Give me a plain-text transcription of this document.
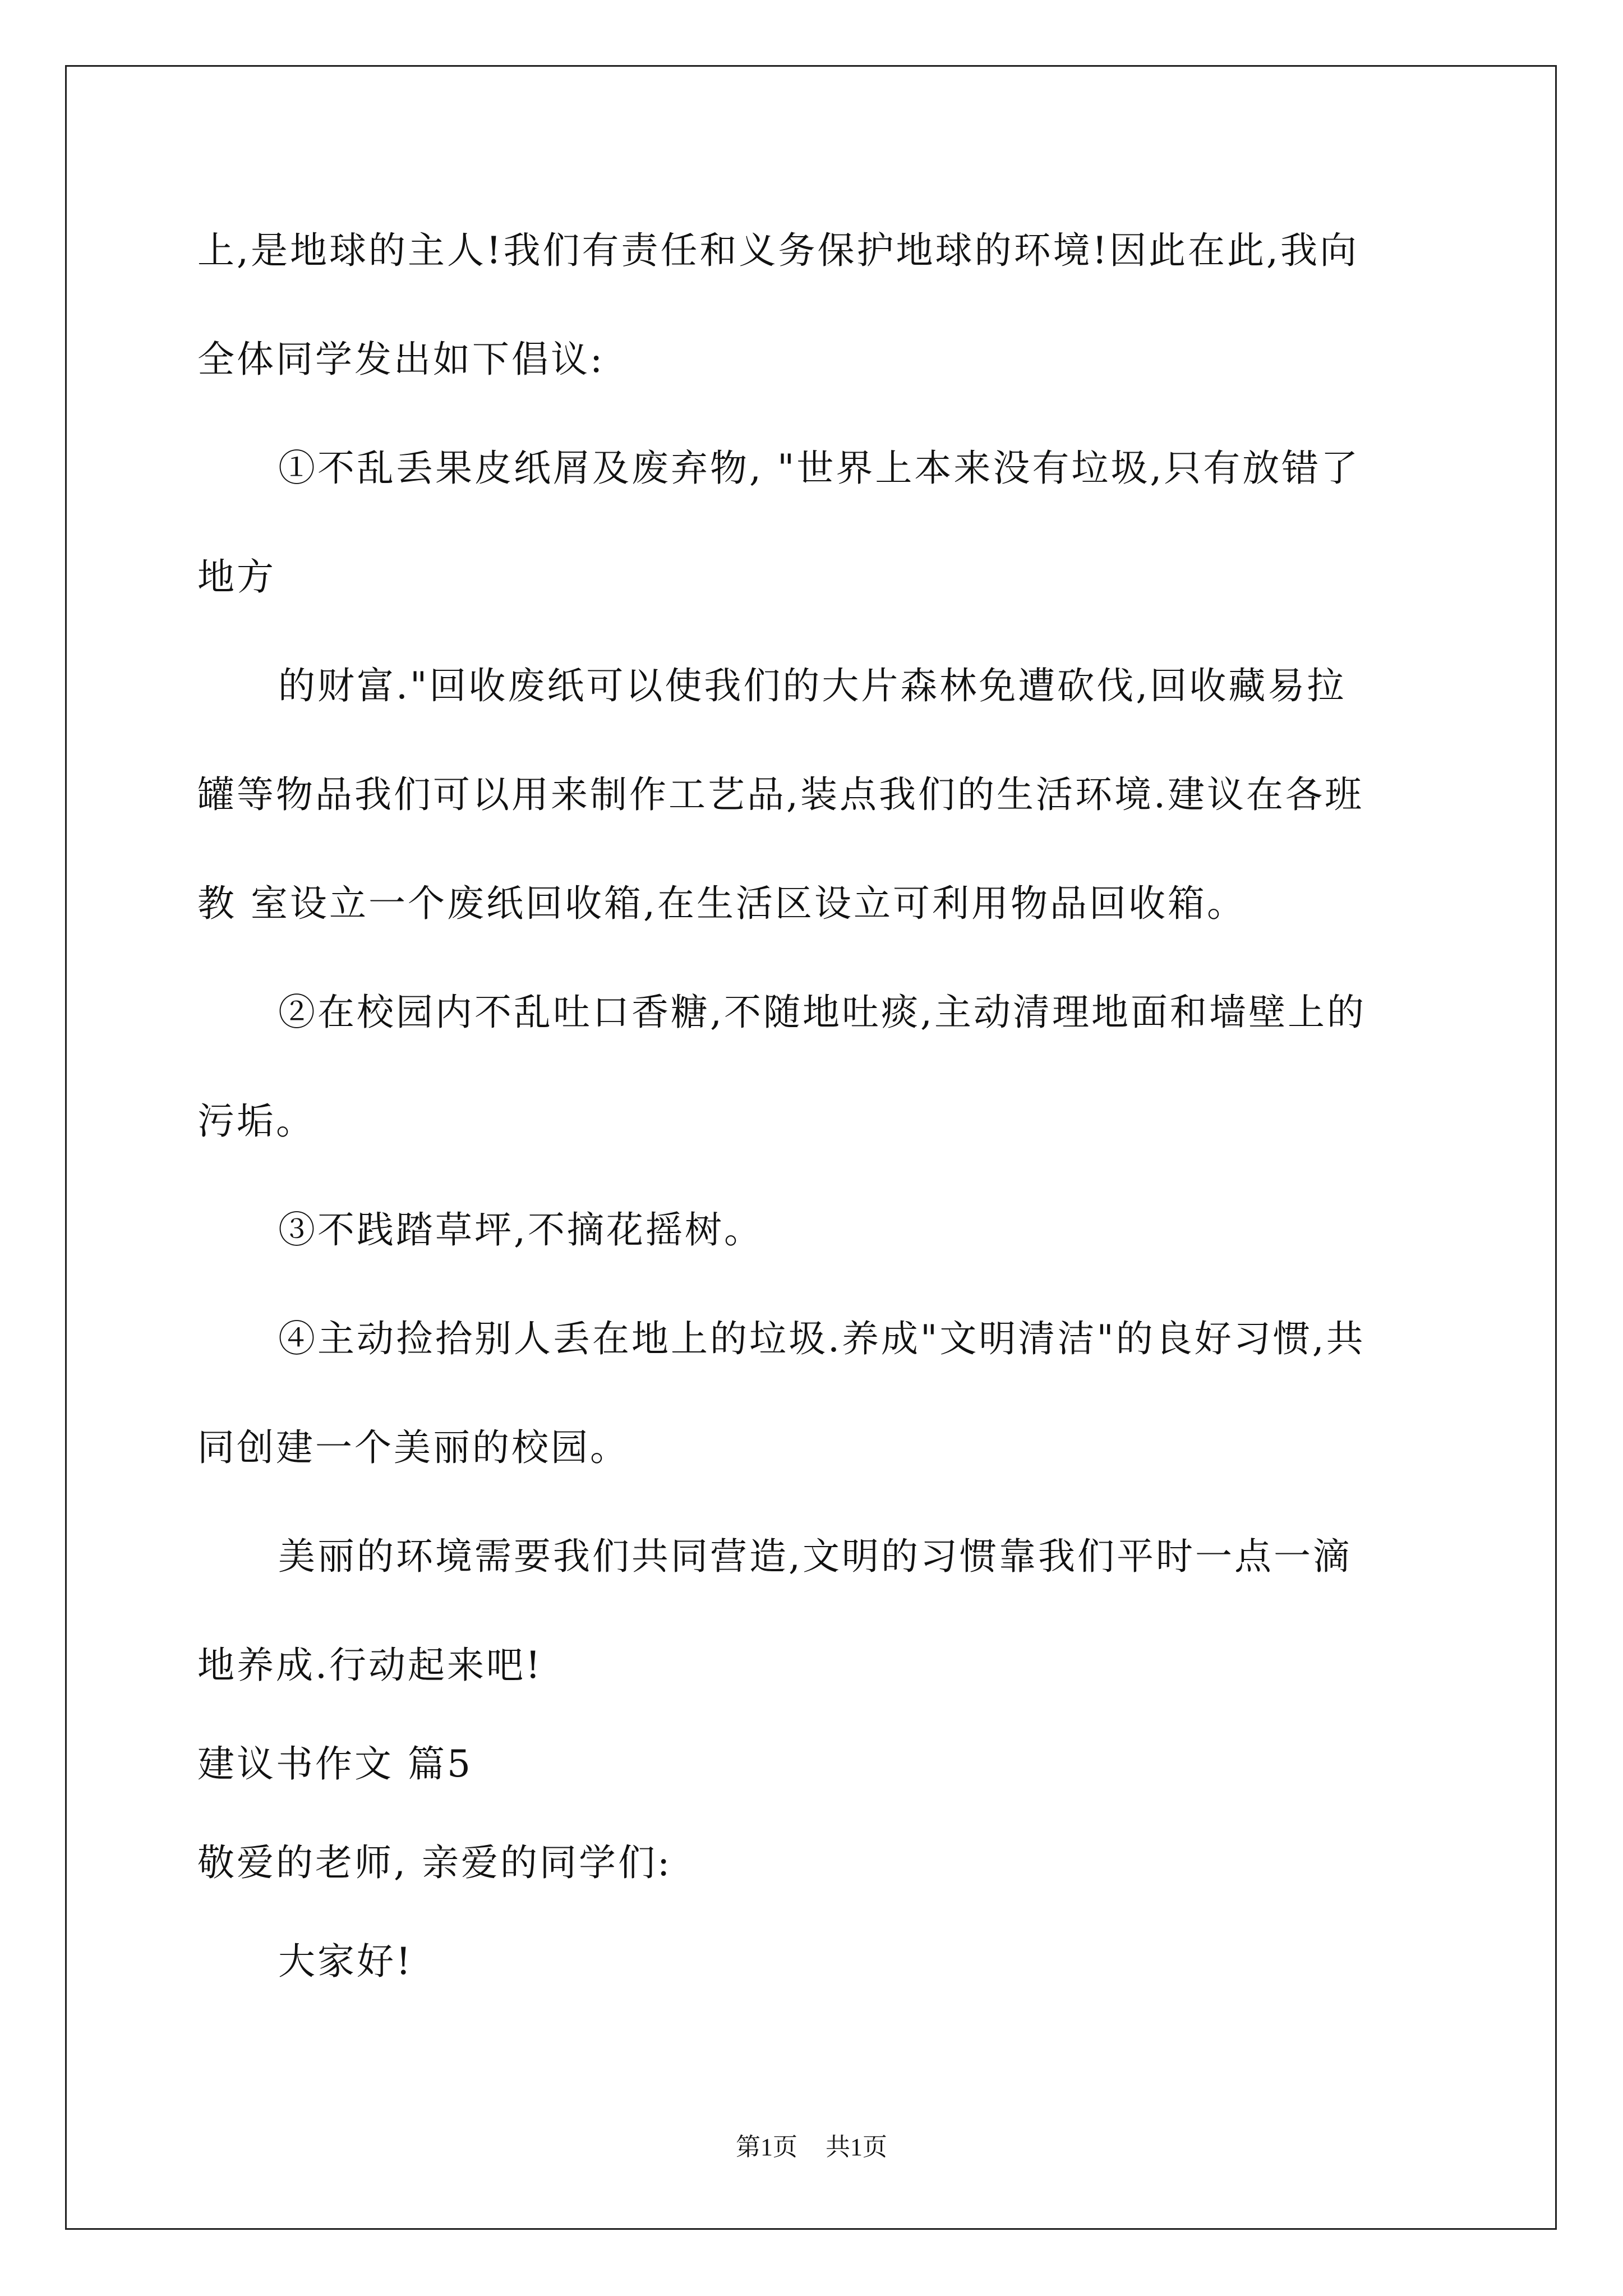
上,是地球的主人!我们有责任和义务保护地球的环境!因此在此,我向
全体同学发出如下倡议:
①不乱丢果皮纸屑及废弃物, "世界上本来没有垃圾,只有放错了
地方
的财富."回收废纸可以使我们的大片森林免遭砍伐,回收藏易拉
罐等物品我们可以用来制作工艺品,装点我们的生活环境.建议在各班
教 室设立一个废纸回收箱,在生活区设立可利用物品回收箱。
②在校园内不乱吐口香糖,不随地吐痰,主动清理地面和墙壁上的
污垢。
③不践踏草坪,不摘花摇树。
④主动捡拾别人丢在地上的垃圾.养成"文明清洁"的良好习惯,共
同创建一个美丽的校园。
美丽的环境需要我们共同营造,文明的习惯靠我们平时一点一滴
地养成.行动起来吧!
建议书作文 篇5
敬爱的老师, 亲爱的同学们:
大家好!
第1页 共1页
